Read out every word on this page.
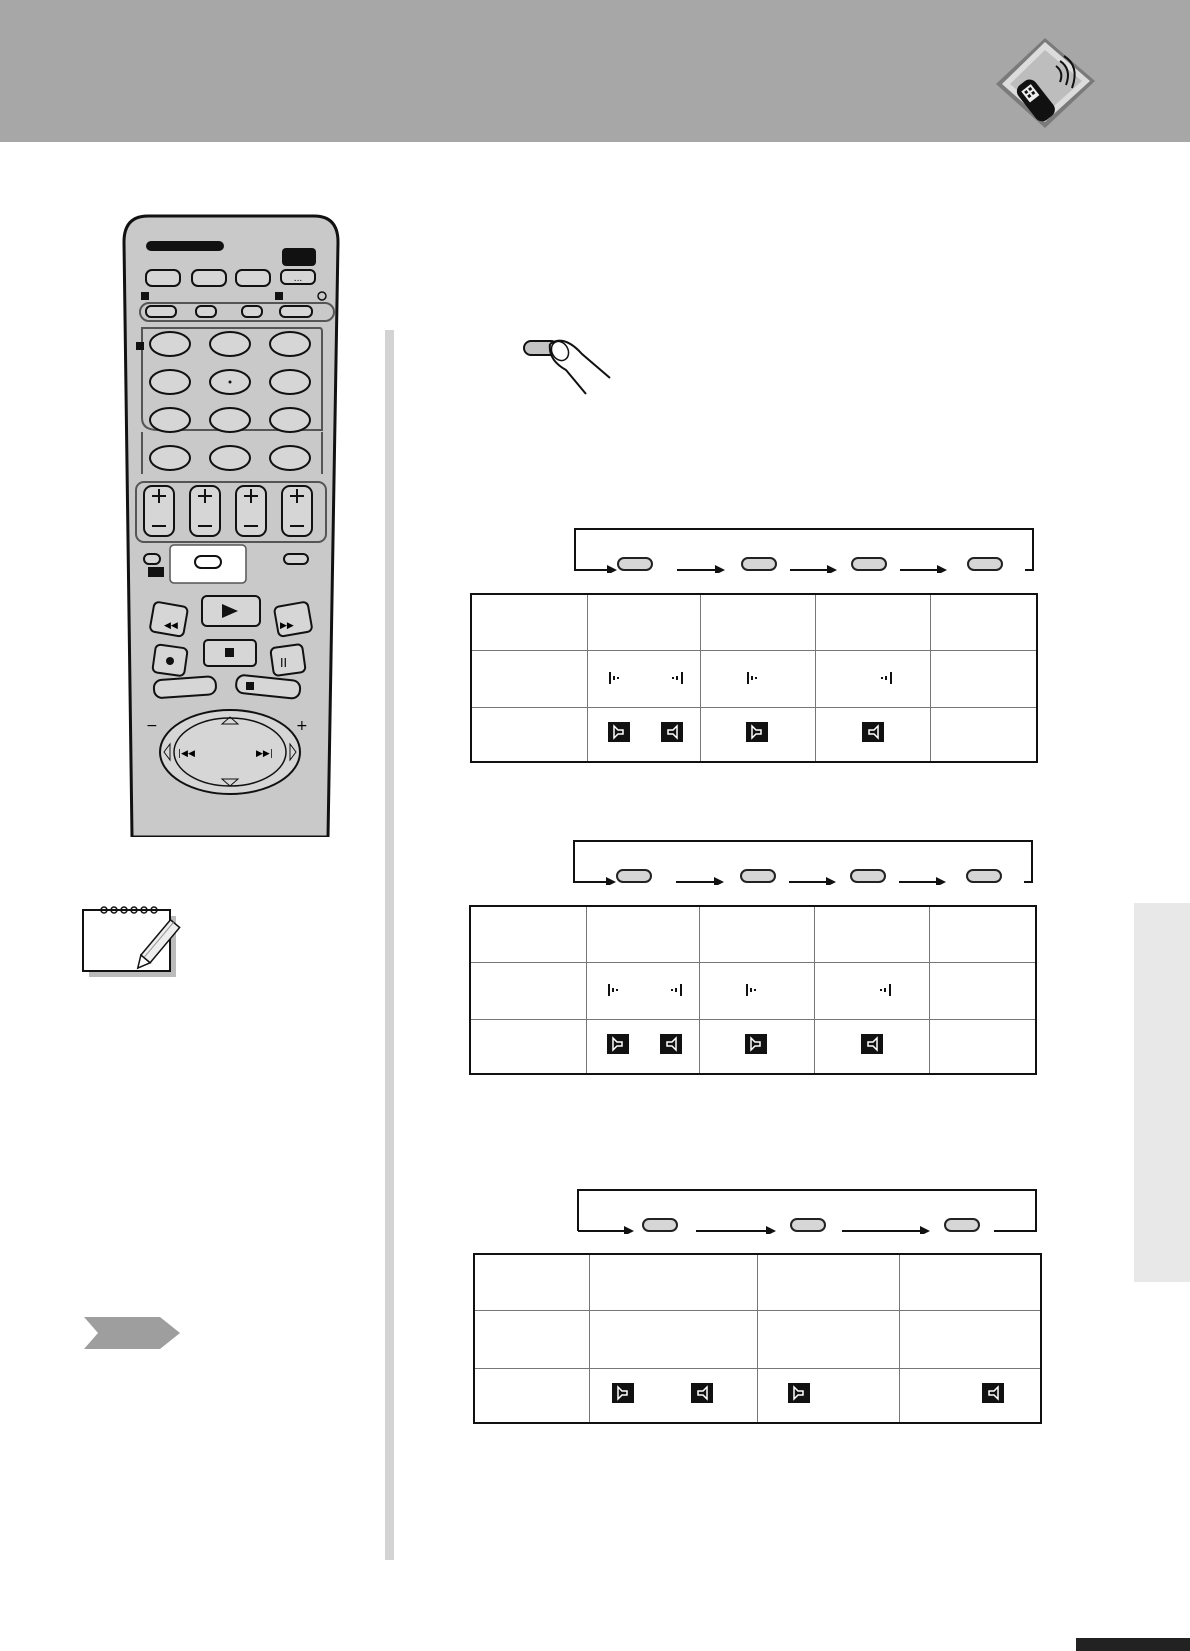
...
◀◀	▶▶
II
−	+
|◀◀	▶▶|
